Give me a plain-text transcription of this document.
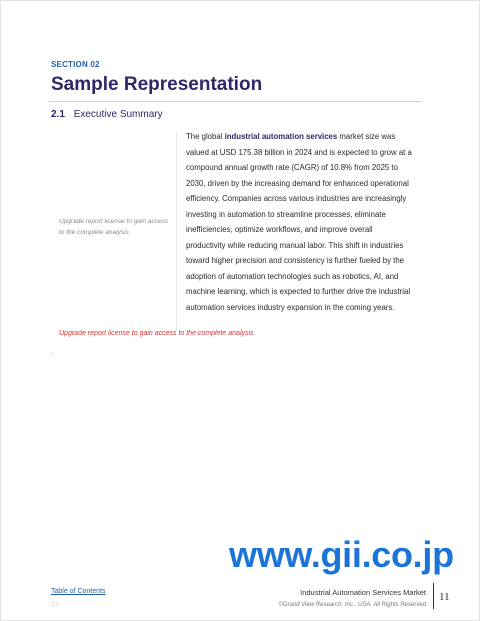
SECTION 02
Sample Representation
2.1 Executive Summary
Upgrade report license to gain access to the complete analysis
The global industrial automation services market size was valued at USD 175.38 billion in 2024 and is expected to grow at a compound annual growth rate (CAGR) of 10.8% from 2025 to 2030, driven by the increasing demand for enhanced operational efficiency. Companies across various industries are increasingly investing in automation to streamline processes, eliminate inefficiencies, optimize workflows, and improve overall productivity while reducing manual labor. This shift in industries toward higher precision and consistency is further fueled by the adoption of automation technologies such as robotics, AI, and machine learning, which is expected to further drive the industrial automation services industry expansion in the coming years.
Upgrade report license to gain access to the complete analysis
.
www.gii.co.jp
Table of Contents
2.1
Industrial Automation Services Market
©Grand View Research, Inc., USA. All Rights Reserved
11
